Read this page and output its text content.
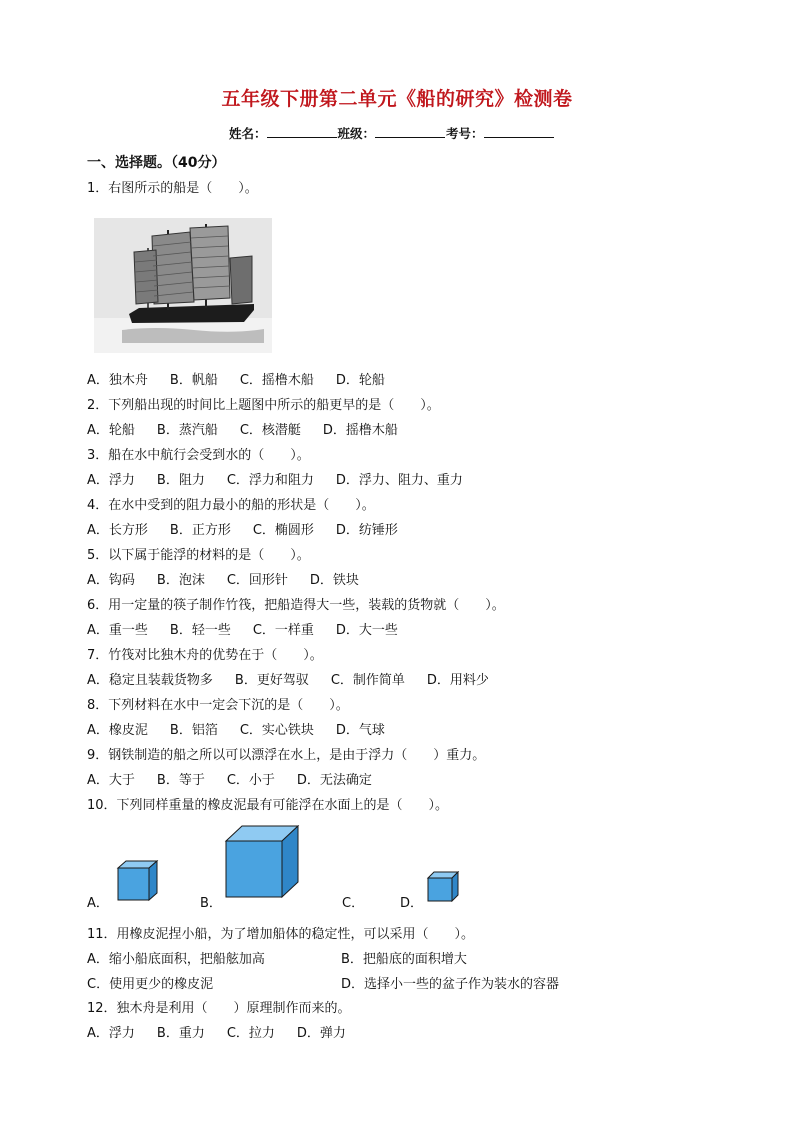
五年级下册第二单元《船的研究》检测卷
姓名：	班级：	考号：
一、选择题。（40分）
1．右图所示的船是（　　）。
A．独木舟 B．帆船 C．摇橹木船 D．轮船
2．下列船出现的时间比上题图中所示的船更早的是（　　）。
A．轮船 B．蒸汽船 C．核潜艇 D．摇橹木船
3．船在水中航行会受到水的（　　）。
A．浮力 B．阻力 C．浮力和阻力 D．浮力、阻力、重力
4．在水中受到的阻力最小的船的形状是（　　）。
A．长方形 B．正方形 C．椭圆形 D．纺锤形
5．以下属于能浮的材料的是（　　）。
A．钩码 B．泡沫 C．回形针 D．铁块
6．用一定量的筷子制作竹筏，把船造得大一些，装载的货物就（　　）。
A．重一些 B．轻一些 C．一样重 D．大一些
7．竹筏对比独木舟的优势在于（　　）。
A．稳定且装载货物多 B．更好驾驭 C．制作简单 D．用料少
8．下列材料在水中一定会下沉的是（　　）。
A．橡皮泥 B．铝箔 C．实心铁块 D．气球
9．钢铁制造的船之所以可以漂浮在水上，是由于浮力（　　）重力。
A．大于 B．等于 C．小于 D．无法确定
10．下列同样重量的橡皮泥最有可能浮在水面上的是（　　）。
A．	B．	C．	D．
11．用橡皮泥捏小船，为了增加船体的稳定性，可以采用（　　）。
A．缩小船底面积，把船舷加高	B．把船底的面积增大
C．使用更少的橡皮泥	D．选择小一些的盆子作为装水的容器
12．独木舟是利用（　　）原理制作而来的。
A．浮力 B．重力 C．拉力 D．弹力
